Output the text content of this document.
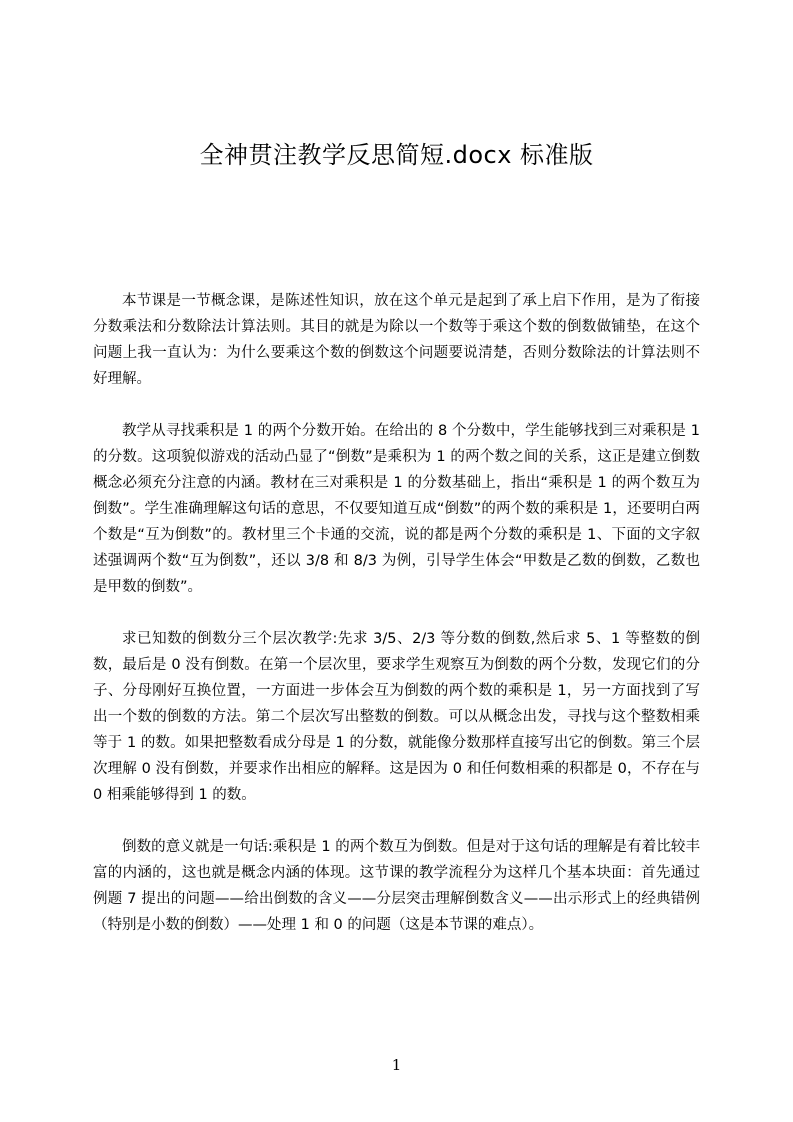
全神贯注教学反思简短.docx 标准版

本节课是一节概念课，是陈述性知识，放在这个单元是起到了承上启下作用，是为了衔接分数乘法和分数除法计算法则。其目的就是为除以一个数等于乘这个数的倒数做铺垫，在这个问题上我一直认为：为什么要乘这个数的倒数这个问题要说清楚，否则分数除法的计算法则不好理解。

教学从寻找乘积是 1 的两个分数开始。在给出的 8 个分数中，学生能够找到三对乘积是 1 的分数。这项貌似游戏的活动凸显了“倒数”是乘积为 1 的两个数之间的关系，这正是建立倒数概念必须充分注意的内涵。教材在三对乘积是 1 的分数基础上，指出“乘积是 1 的两个数互为倒数”。学生准确理解这句话的意思，不仅要知道互成“倒数”的两个数的乘积是 1，还要明白两个数是“互为倒数”的。教材里三个卡通的交流，说的都是两个分数的乘积是 1、下面的文字叙述强调两个数“互为倒数”，还以 3/8 和 8/3 为例，引导学生体会“甲数是乙数的倒数，乙数也是甲数的倒数”。

求已知数的倒数分三个层次教学:先求 3/5、2/3 等分数的倒数,然后求 5、1 等整数的倒数，最后是 0 没有倒数。在第一个层次里，要求学生观察互为倒数的两个分数，发现它们的分子、分母刚好互换位置，一方面进一步体会互为倒数的两个数的乘积是 1，另一方面找到了写出一个数的倒数的方法。第二个层次写出整数的倒数。可以从概念出发，寻找与这个整数相乘等于 1 的数。如果把整数看成分母是 1 的分数，就能像分数那样直接写出它的倒数。第三个层次理解 0 没有倒数，并要求作出相应的解释。这是因为 0 和任何数相乘的积都是 0，不存在与 0 相乘能够得到 1 的数。

倒数的意义就是一句话:乘积是 1 的两个数互为倒数。但是对于这句话的理解是有着比较丰富的内涵的，这也就是概念内涵的体现。这节课的教学流程分为这样几个基本块面：首先通过例题 7 提出的问题——给出倒数的含义——分层突击理解倒数含义——出示形式上的经典错例（特别是小数的倒数）——处理 1 和 0 的问题（这是本节课的难点）。

1
